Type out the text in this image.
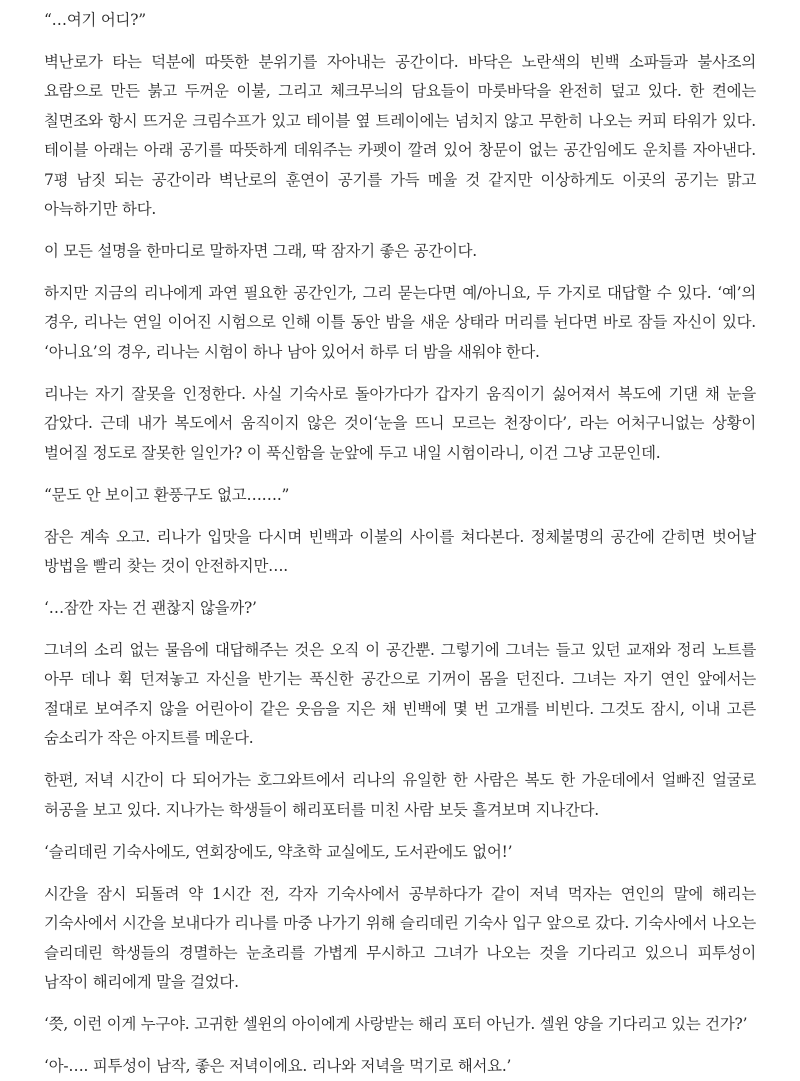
“…여기 어디?”

벽난로가 타는 덕분에 따뜻한 분위기를 자아내는 공간이다. 바닥은 노란색의 빈백 소파들과 불사조의 요람으로 만든 붉고 두꺼운 이불, 그리고 체크무늬의 담요들이 마룻바닥을 완전히 덮고 있다. 한 켠에는 칠면조와 항시 뜨거운 크림수프가 있고 테이블 옆 트레이에는 넘치지 않고 무한히 나오는 커피 타워가 있다. 테이블 아래는 아래 공기를 따뜻하게 데워주는 카펫이 깔려 있어 창문이 없는 공간임에도 운치를 자아낸다. 7평 남짓 되는 공간이라 벽난로의 훈연이 공기를 가득 메울 것 같지만 이상하게도 이곳의 공기는 맑고 아늑하기만 하다.

이 모든 설명을 한마디로 말하자면 그래, 딱 잠자기 좋은 공간이다.

하지만 지금의 리나에게 과연 필요한 공간인가, 그리 묻는다면 예/아니요, 두 가지로 대답할 수 있다. ‘예’의 경우, 리나는 연일 이어진 시험으로 인해 이틀 동안 밤을 새운 상태라 머리를 뉜다면 바로 잠들 자신이 있다. ‘아니요’의 경우, 리나는 시험이 하나 남아 있어서 하루 더 밤을 새워야 한다.

리나는 자기 잘못을 인정한다. 사실 기숙사로 돌아가다가 갑자기 움직이기 싫어져서 복도에 기댄 채 눈을 감았다. 근데 내가 복도에서 움직이지 않은 것이‘눈을 뜨니 모르는 천장이다’, 라는 어처구니없는 상황이 벌어질 정도로 잘못한 일인가? 이 푹신함을 눈앞에 두고 내일 시험이라니, 이건 그냥 고문인데.

“문도 안 보이고 환풍구도 없고…….”

잠은 계속 오고. 리나가 입맛을 다시며 빈백과 이불의 사이를 쳐다본다. 정체불명의 공간에 갇히면 벗어날 방법을 빨리 찾는 것이 안전하지만….

‘…잠깐 자는 건 괜찮지 않을까?’

그녀의 소리 없는 물음에 대답해주는 것은 오직 이 공간뿐. 그렇기에 그녀는 들고 있던 교재와 정리 노트를 아무 데나 휙 던져놓고 자신을 반기는 푹신한 공간으로 기꺼이 몸을 던진다. 그녀는 자기 연인 앞에서는 절대로 보여주지 않을 어린아이 같은 웃음을 지은 채 빈백에 몇 번 고개를 비빈다. 그것도 잠시, 이내 고른 숨소리가 작은 아지트를 메운다.

한편, 저녁 시간이 다 되어가는 호그와트에서 리나의 유일한 한 사람은 복도 한 가운데에서 얼빠진 얼굴로 허공을 보고 있다. 지나가는 학생들이 해리포터를 미친 사람 보듯 흘겨보며 지나간다.

‘슬리데린 기숙사에도, 연회장에도, 약초학 교실에도, 도서관에도 없어!’

시간을 잠시 되돌려 약 1시간 전, 각자 기숙사에서 공부하다가 같이 저녁 먹자는 연인의 말에 해리는 기숙사에서 시간을 보내다가 리나를 마중 나가기 위해 슬리데린 기숙사 입구 앞으로 갔다. 기숙사에서 나오는 슬리데린 학생들의 경멸하는 눈초리를 가볍게 무시하고 그녀가 나오는 것을 기다리고 있으니 피투성이 남작이 해리에게 말을 걸었다.

‘쯧, 이런 이게 누구야. 고귀한 셀윈의 아이에게 사랑받는 해리 포터 아닌가. 셀윈 양을 기다리고 있는 건가?’

‘아-…. 피투성이 남작, 좋은 저녁이에요. 리나와 저녁을 먹기로 해서요.’
